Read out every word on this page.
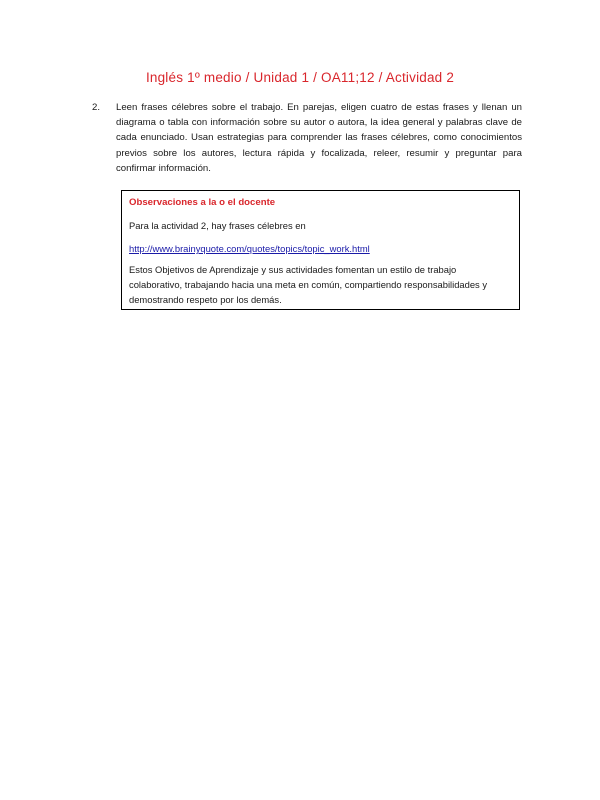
Inglés 1º medio / Unidad 1 / OA11;12 / Actividad 2
2.	Leen frases célebres sobre el trabajo. En parejas, eligen cuatro de estas frases y llenan un diagrama o tabla con información sobre su autor o autora, la idea general y palabras clave de cada enunciado. Usan estrategias para comprender las frases célebres, como conocimientos previos sobre los autores, lectura rápida y focalizada, releer, resumir y preguntar para confirmar información.
Observaciones a la o el docente
Para la actividad 2, hay frases célebres en
http://www.brainyquote.com/quotes/topics/topic_work.html
Estos Objetivos de Aprendizaje y sus actividades fomentan un estilo de trabajo colaborativo, trabajando hacia una meta en común, compartiendo responsabilidades y demostrando respeto por los demás.
